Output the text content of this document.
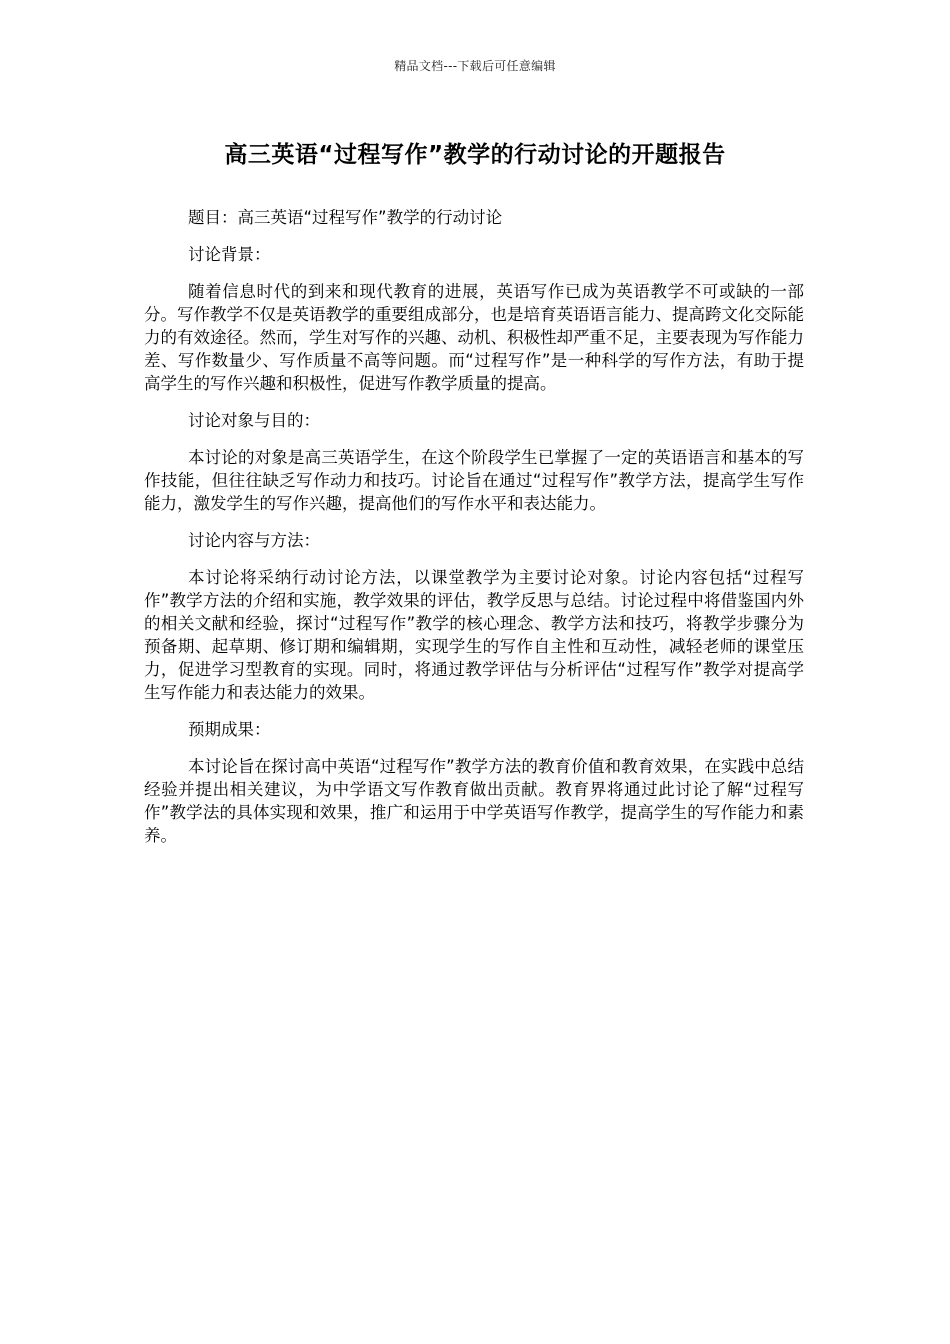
精品文档---下载后可任意编辑
高三英语“过程写作”教学的行动讨论的开题报告

题目：高三英语“过程写作”教学的行动讨论

讨论背景：

随着信息时代的到来和现代教育的进展，英语写作已成为英语教学不可或缺的一部分。写作教学不仅是英语教学的重要组成部分，也是培育英语语言能力、提高跨文化交际能力的有效途径。然而，学生对写作的兴趣、动机、积极性却严重不足，主要表现为写作能力差、写作数量少、写作质量不高等问题。而“过程写作”是一种科学的写作方法，有助于提高学生的写作兴趣和积极性，促进写作教学质量的提高。

讨论对象与目的：

本讨论的对象是高三英语学生，在这个阶段学生已掌握了一定的英语语言和基本的写作技能，但往往缺乏写作动力和技巧。讨论旨在通过“过程写作”教学方法，提高学生写作能力，激发学生的写作兴趣，提高他们的写作水平和表达能力。

讨论内容与方法：

本讨论将采纳行动讨论方法，以课堂教学为主要讨论对象。讨论内容包括“过程写作”教学方法的介绍和实施，教学效果的评估，教学反思与总结。讨论过程中将借鉴国内外的相关文献和经验，探讨“过程写作”教学的核心理念、教学方法和技巧，将教学步骤分为预备期、起草期、修订期和编辑期，实现学生的写作自主性和互动性，减轻老师的课堂压力，促进学习型教育的实现。同时，将通过教学评估与分析评估“过程写作”教学对提高学生写作能力和表达能力的效果。

预期成果：

本讨论旨在探讨高中英语“过程写作”教学方法的教育价值和教育效果，在实践中总结经验并提出相关建议，为中学语文写作教育做出贡献。教育界将通过此讨论了解“过程写作”教学法的具体实现和效果，推广和运用于中学英语写作教学，提高学生的写作能力和素养。
